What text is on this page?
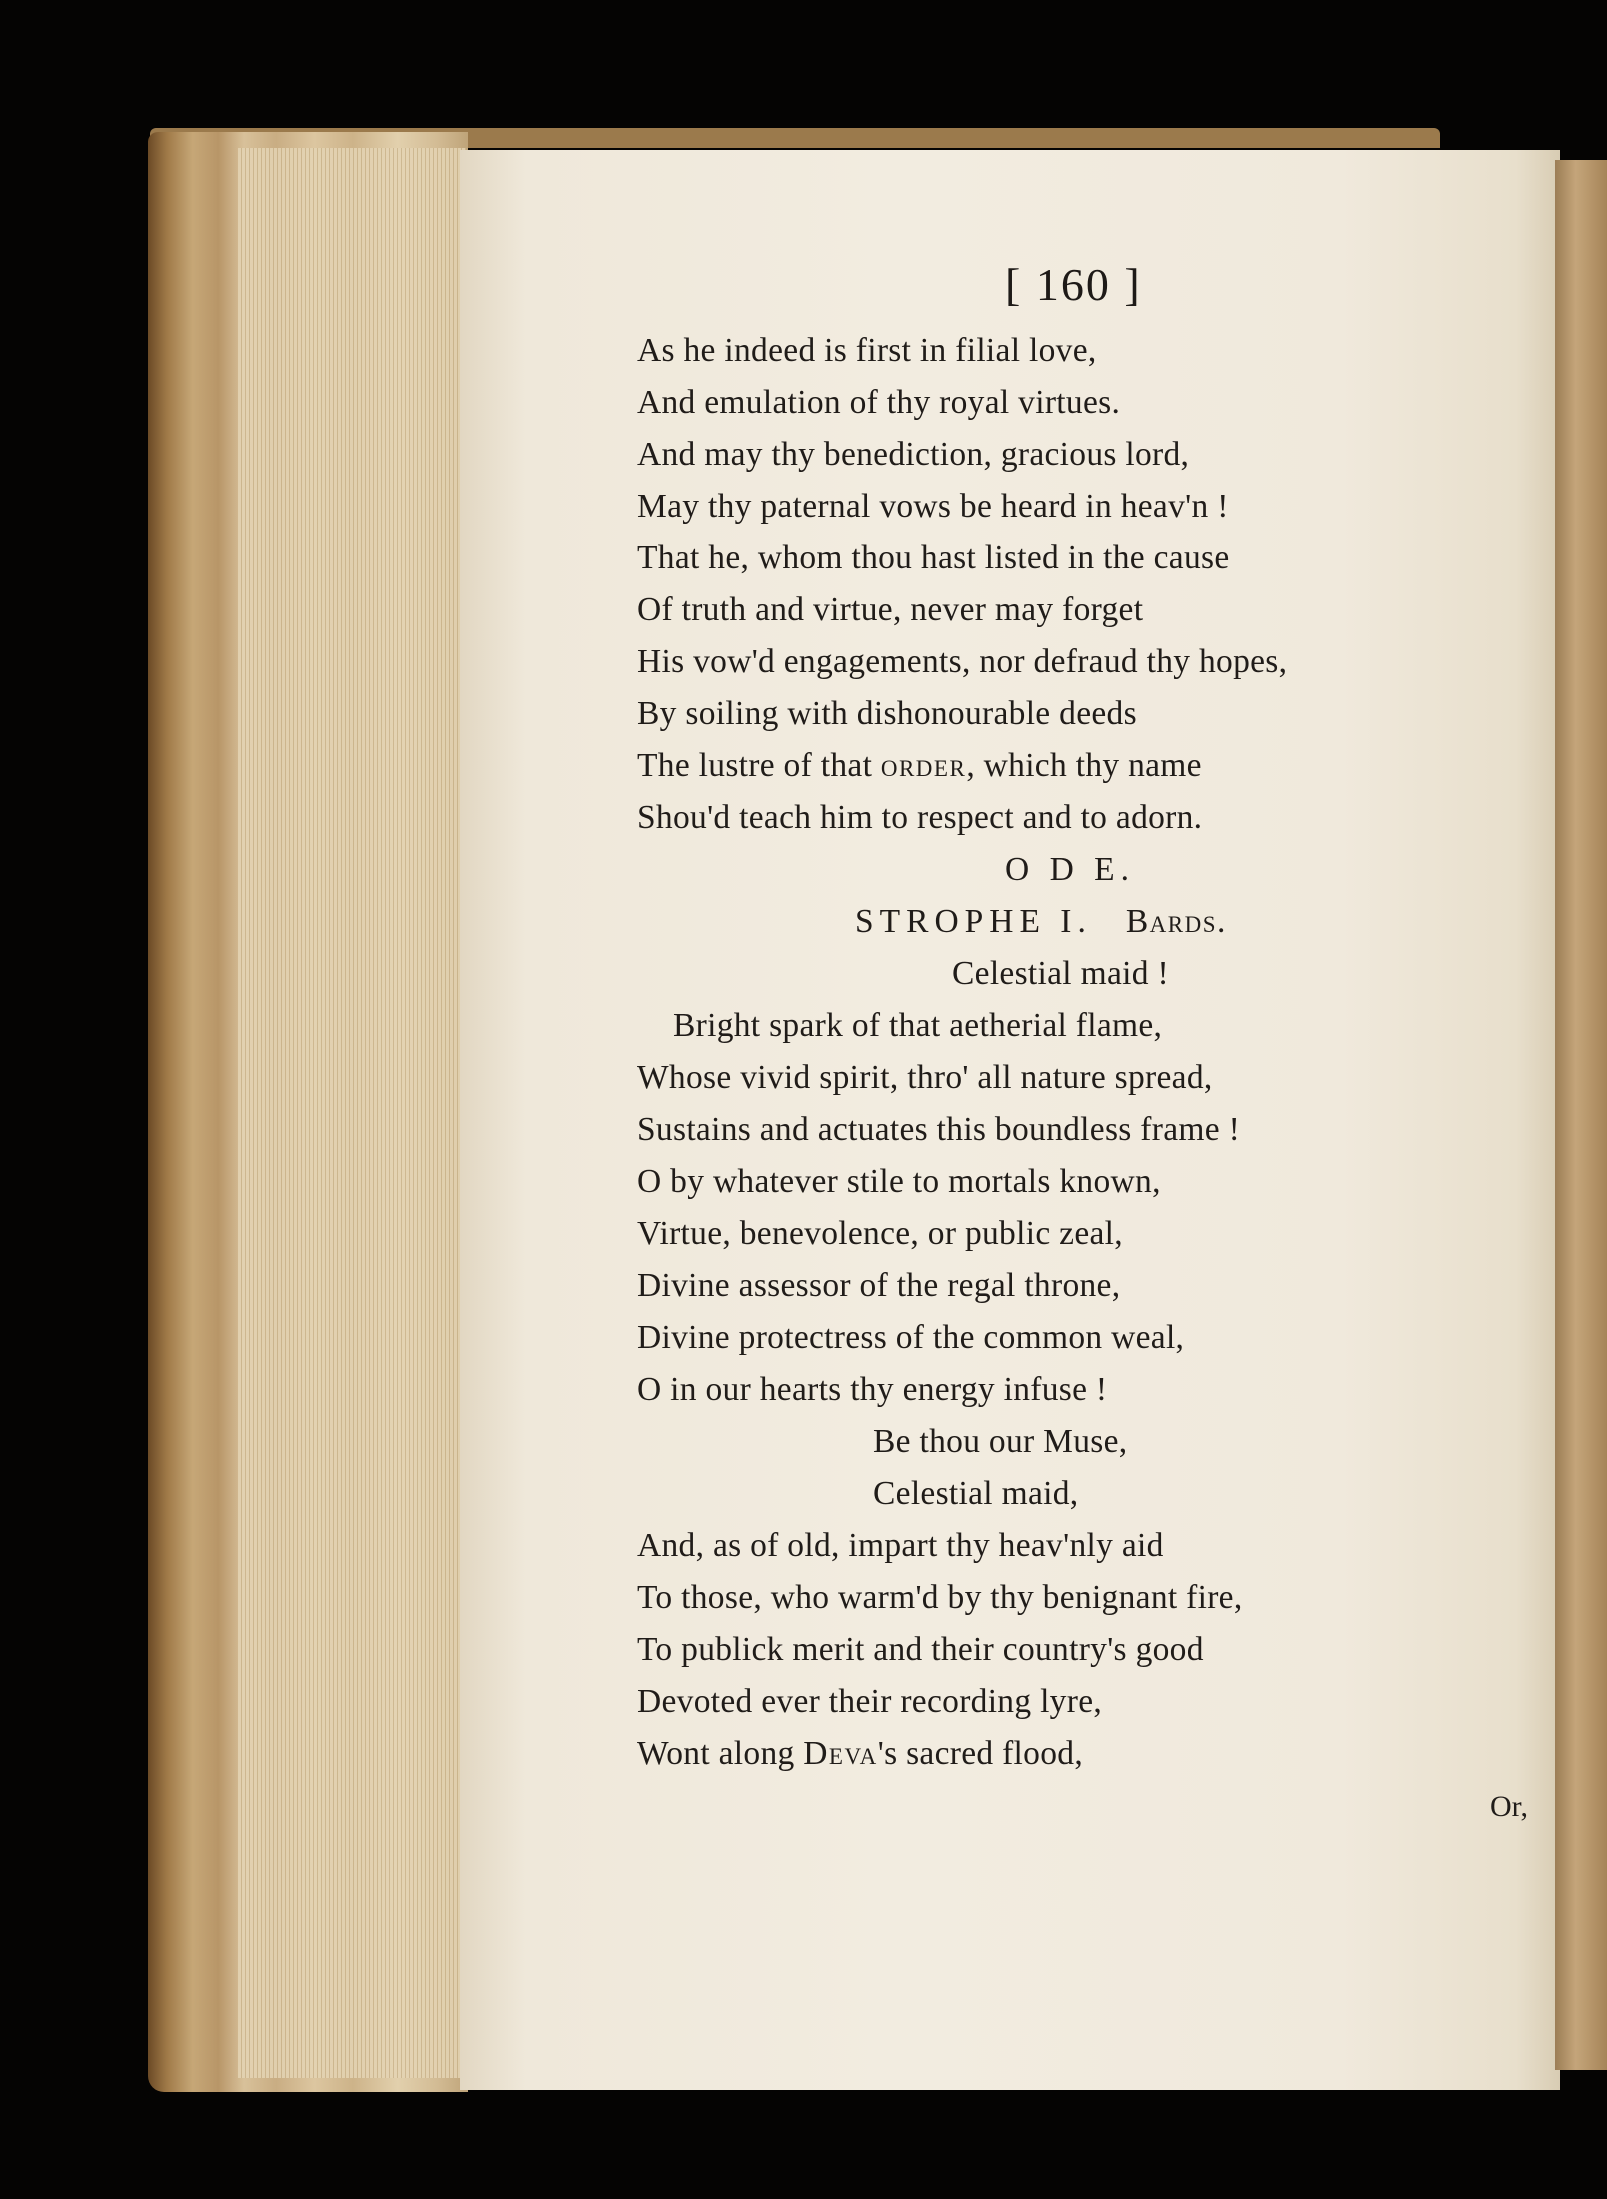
[ 160 ]
As he indeed is first in filial love,
And emulation of thy royal virtues.
And may thy benediction, gracious lord,
May thy paternal vows be heard in heav'n !
That he, whom thou hast listed in the cause
Of truth and virtue, never may forget
His vow'd engagements, nor defraud thy hopes,
By soiling with dishonourable deeds
The lustre of that order, which thy name
Shou'd teach him to respect and to adorn.
O D E.
STROPHE I. Bards.
Celestial maid !
Bright spark of that aetherial flame,
Whose vivid spirit, thro' all nature spread,
Sustains and actuates this boundless frame !
O by whatever stile to mortals known,
Virtue, benevolence, or public zeal,
Divine assessor of the regal throne,
Divine protectress of the common weal,
O in our hearts thy energy infuse !
Be thou our Muse,
Celestial maid,
And, as of old, impart thy heav'nly aid
To those, who warm'd by thy benignant fire,
To publick merit and their country's good
Devoted ever their recording lyre,
Wont along Deva's sacred flood,
Or,
